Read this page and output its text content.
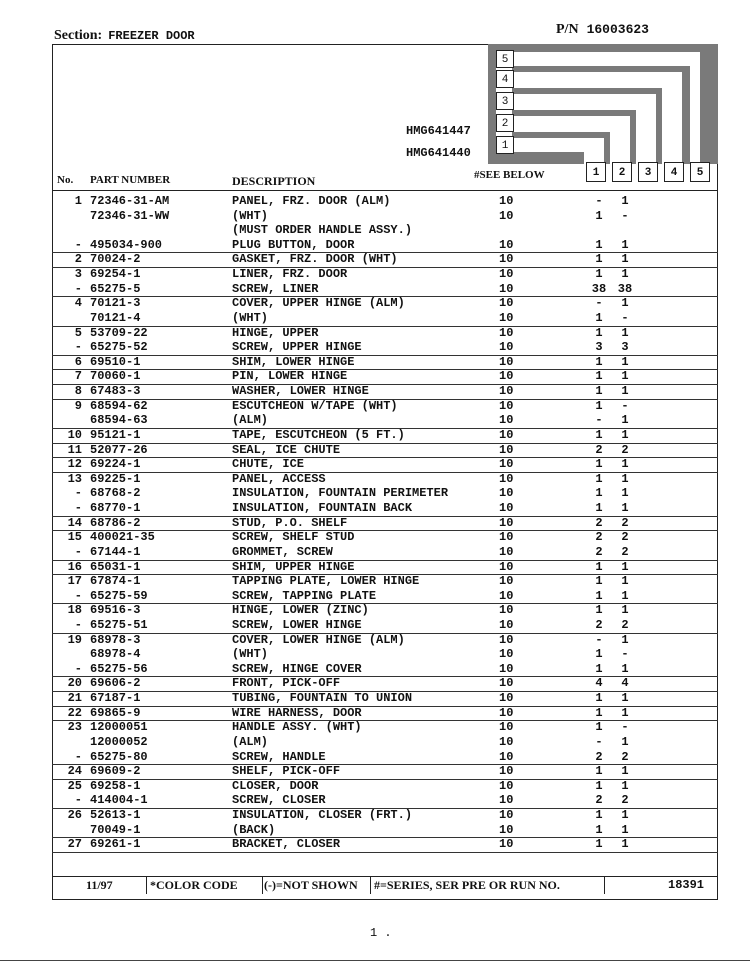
Section: FREEZER DOOR	P/N 16003623
5
4
3
2
1
HMG641447
HMG641440
No. PART NUMBER	DESCRIPTION	#SEE BELOW	1	2	3	4	5
1 72346-31-AM	PANEL, FRZ. DOOR (ALM)	10	-	1
72346-31-WW	(WHT)	10	1	-
(MUST ORDER HANDLE ASSY.)
- 495034-900	PLUG BUTTON, DOOR	10	1	1
2 70024-2	GASKET, FRZ. DOOR (WHT)	10	1	1
3 69254-1	LINER, FRZ. DOOR	10	1	1
- 65275-5	SCREW, LINER	10	38 38
4 70121-3	COVER, UPPER HINGE (ALM)	10	-	1
70121-4	(WHT)	10	1	-
5 53709-22	HINGE, UPPER	10	1	1
- 65275-52	SCREW, UPPER HINGE	10	3	3
6 69510-1	SHIM, LOWER HINGE	10	1	1
7 70060-1	PIN, LOWER HINGE	10	1	1
8 67483-3	WASHER, LOWER HINGE	10	1	1
9 68594-62	ESCUTCHEON W/TAPE (WHT)	10	1	-
68594-63	(ALM)	10	-	1
10 95121-1	TAPE, ESCUTCHEON (5 FT.)	10	1	1
11 52077-26	SEAL, ICE CHUTE	10	2	2
12 69224-1	CHUTE, ICE	10	1	1
13 69225-1	PANEL, ACCESS	10	1	1
- 68768-2	INSULATION, FOUNTAIN PERIMETER	10	1	1
- 68770-1	INSULATION, FOUNTAIN BACK	10	1	1
14 68786-2	STUD, P.O. SHELF	10	2	2
15 400021-35	SCREW, SHELF STUD	10	2	2
- 67144-1	GROMMET, SCREW	10	2	2
16 65031-1	SHIM, UPPER HINGE	10	1	1
17 67874-1	TAPPING PLATE, LOWER HINGE	10	1	1
- 65275-59	SCREW, TAPPING PLATE	10	1	1
18 69516-3	HINGE, LOWER (ZINC)	10	1	1
- 65275-51	SCREW, LOWER HINGE	10	2	2
19 68978-3	COVER, LOWER HINGE (ALM)	10	-	1
68978-4	(WHT)	10	1	-
- 65275-56	SCREW, HINGE COVER	10	1	1
20 69606-2	FRONT, PICK-OFF	10	4	4
21 67187-1	TUBING, FOUNTAIN TO UNION	10	1	1
22 69865-9	WIRE HARNESS, DOOR	10	1	1
23 12000051	HANDLE ASSY. (WHT)	10	1	-
12000052	(ALM)	10	-	1
- 65275-80	SCREW, HANDLE	10	2	2
24 69609-2	SHELF, PICK-OFF	10	1	1
25 69258-1	CLOSER, DOOR	10	1	1
- 414004-1	SCREW, CLOSER	10	2	2
26 52613-1	INSULATION, CLOSER (FRT.)	10	1	1
70049-1	(BACK)	10	1	1
27 69261-1	BRACKET, CLOSER	10	1	1
11/97	*COLOR CODE (-)=NOT SHOWN #=SERIES, SER PRE OR RUN NO.	18391
1 .
